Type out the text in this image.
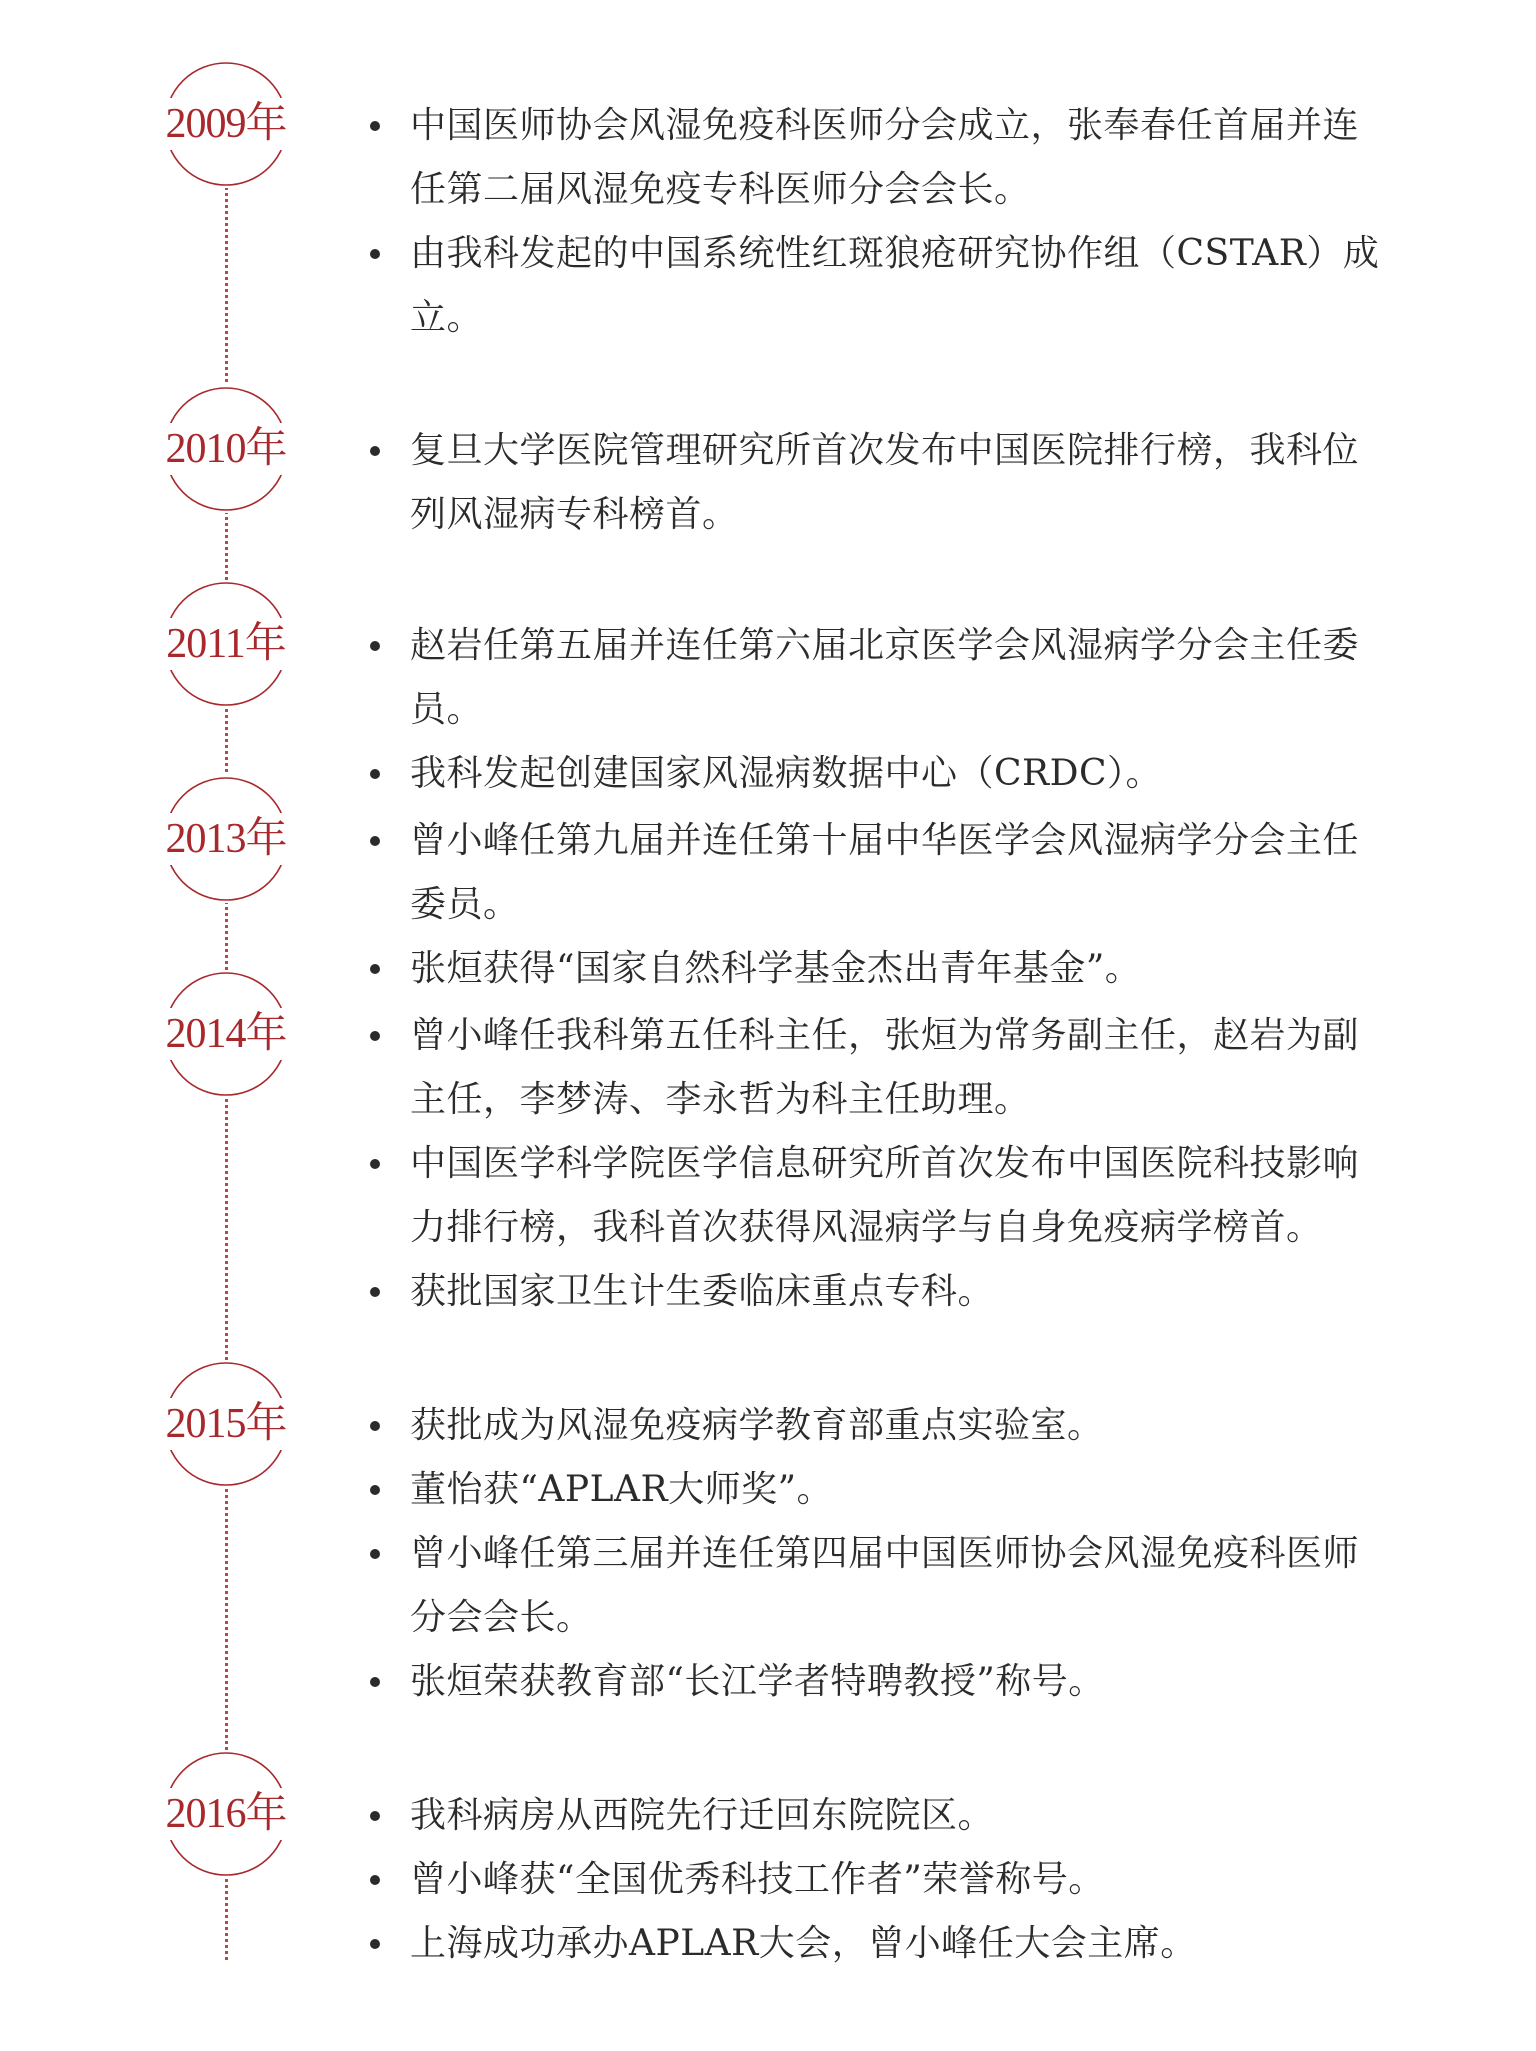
2009年	中国医师协会风湿免疫科医师分会成立，张奉春任首届并连任第二届风湿免疫专科医师分会会长。
由我科发起的中国系统性红斑狼疮研究协作组（CSTAR）成立。
2010年	复旦大学医院管理研究所首次发布中国医院排行榜，我科位列风湿病专科榜首。
2011年	赵岩任第五届并连任第六届北京医学会风湿病学分会主任委员。
我科发起创建国家风湿病数据中心（CRDC）。
2013年	曾小峰任第九届并连任第十届中华医学会风湿病学分会主任委员。
张烜获得“国家自然科学基金杰出青年基金”。
2014年	曾小峰任我科第五任科主任，张烜为常务副主任，赵岩为副主任，李梦涛、李永哲为科主任助理。
中国医学科学院医学信息研究所首次发布中国医院科技影响力排行榜，我科首次获得风湿病学与自身免疫病学榜首。
获批国家卫生计生委临床重点专科。
2015年	获批成为风湿免疫病学教育部重点实验室。
董怡获“APLAR大师奖”。
曾小峰任第三届并连任第四届中国医师协会风湿免疫科医师分会会长。
张烜荣获教育部“长江学者特聘教授”称号。
2016年	我科病房从西院先行迁回东院院区。
曾小峰获“全国优秀科技工作者”荣誉称号。
上海成功承办APLAR大会，曾小峰任大会主席。
